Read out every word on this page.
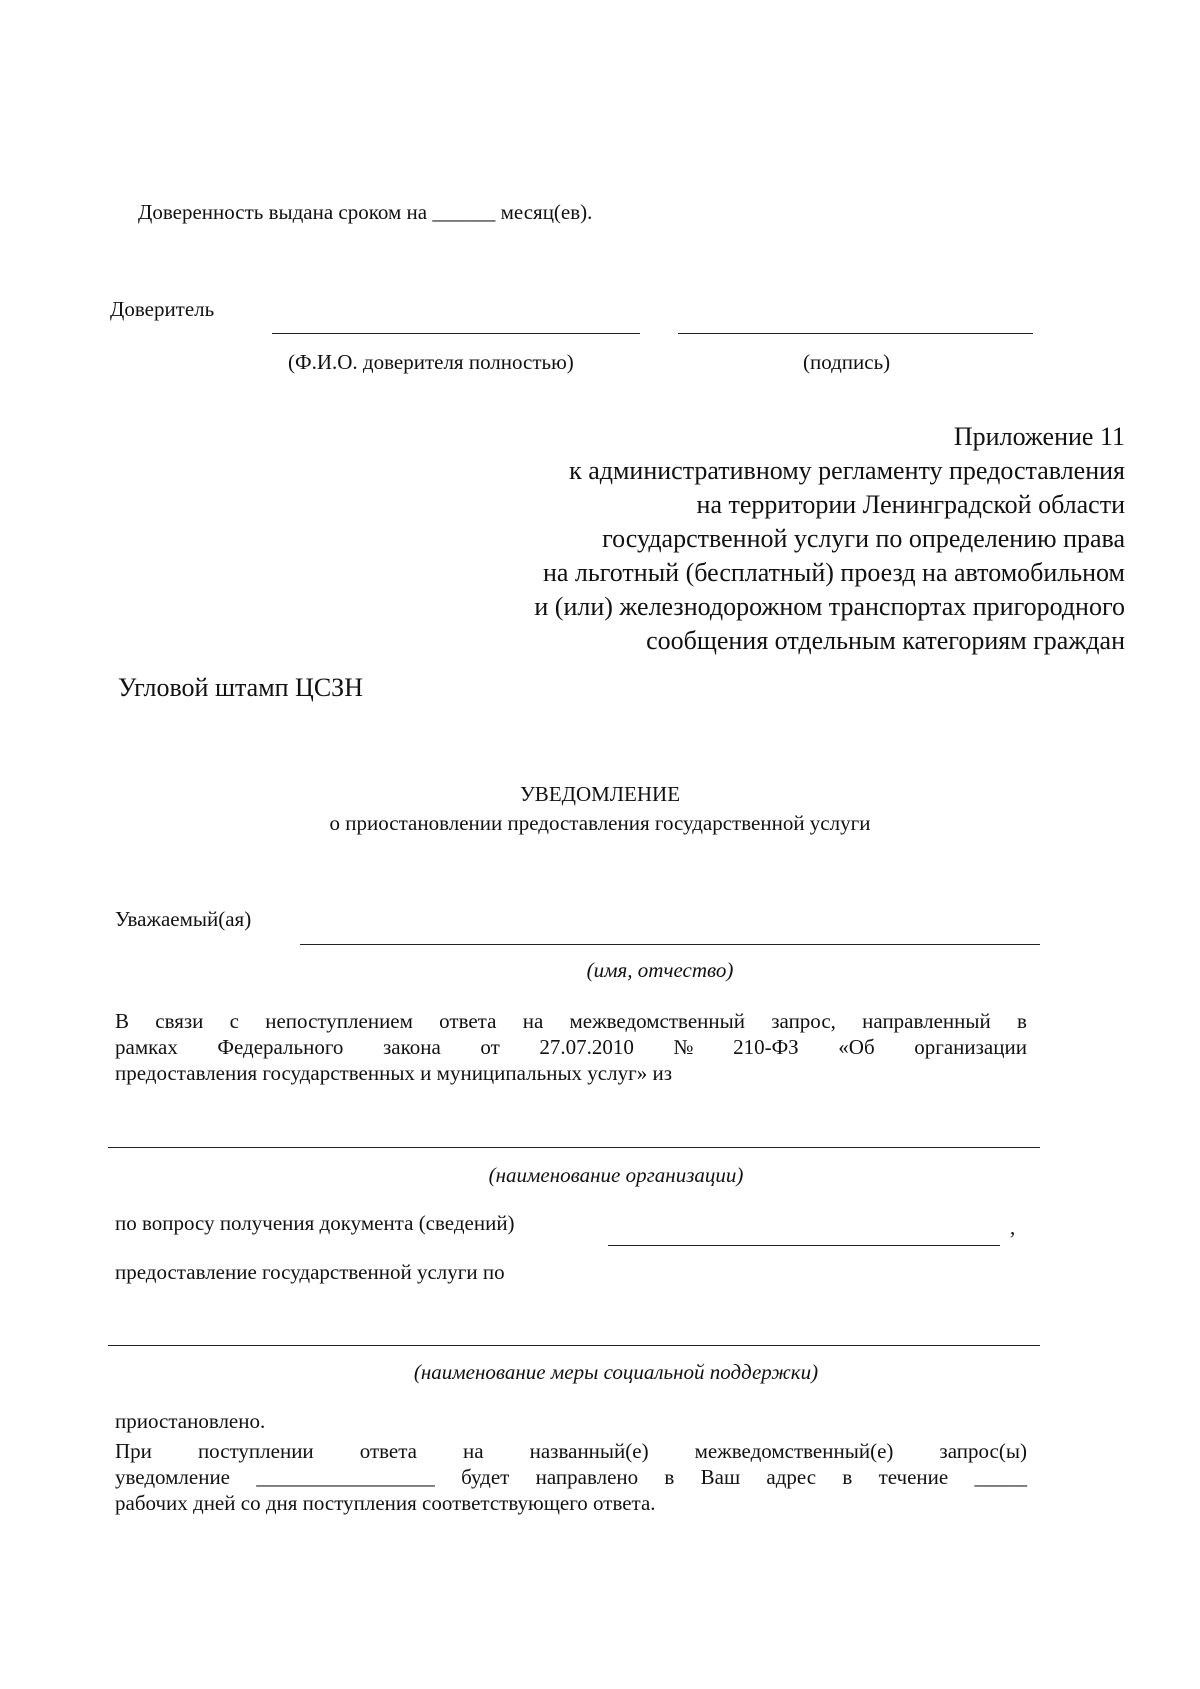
Доверенность выдана сроком на ______ месяц(ев).
Доверитель
(Ф.И.О. доверителя полностью)	(подпись)
Приложение 11
к административному регламенту предоставления
на территории Ленинградской области
государственной услуги по определению права
на льготный (бесплатный) проезд на автомобильном
и (или) железнодорожном транспортах пригородного
сообщения отдельным категориям граждан
Угловой штамп ЦСЗН
УВЕДОМЛЕНИЕ
о приостановлении предоставления государственной услуги
Уважаемый(ая)
(имя, отчество)
В связи с непоступлением ответа на межведомственный запрос, направленный в
рамках Федерального закона от 27.07.2010 № 210-ФЗ «Об организации
предоставления государственных и муниципальных услуг» из
(наименование организации)
по вопросу получения документа (сведений)	,
предоставление государственной услуги по
(наименование меры социальной поддержки)
приостановлено.
При поступлении ответа на названный(е) межведомственный(е) запрос(ы)
уведомление _________________ будет направлено в Ваш адрес в течение _____
рабочих дней со дня поступления соответствующего ответа.
